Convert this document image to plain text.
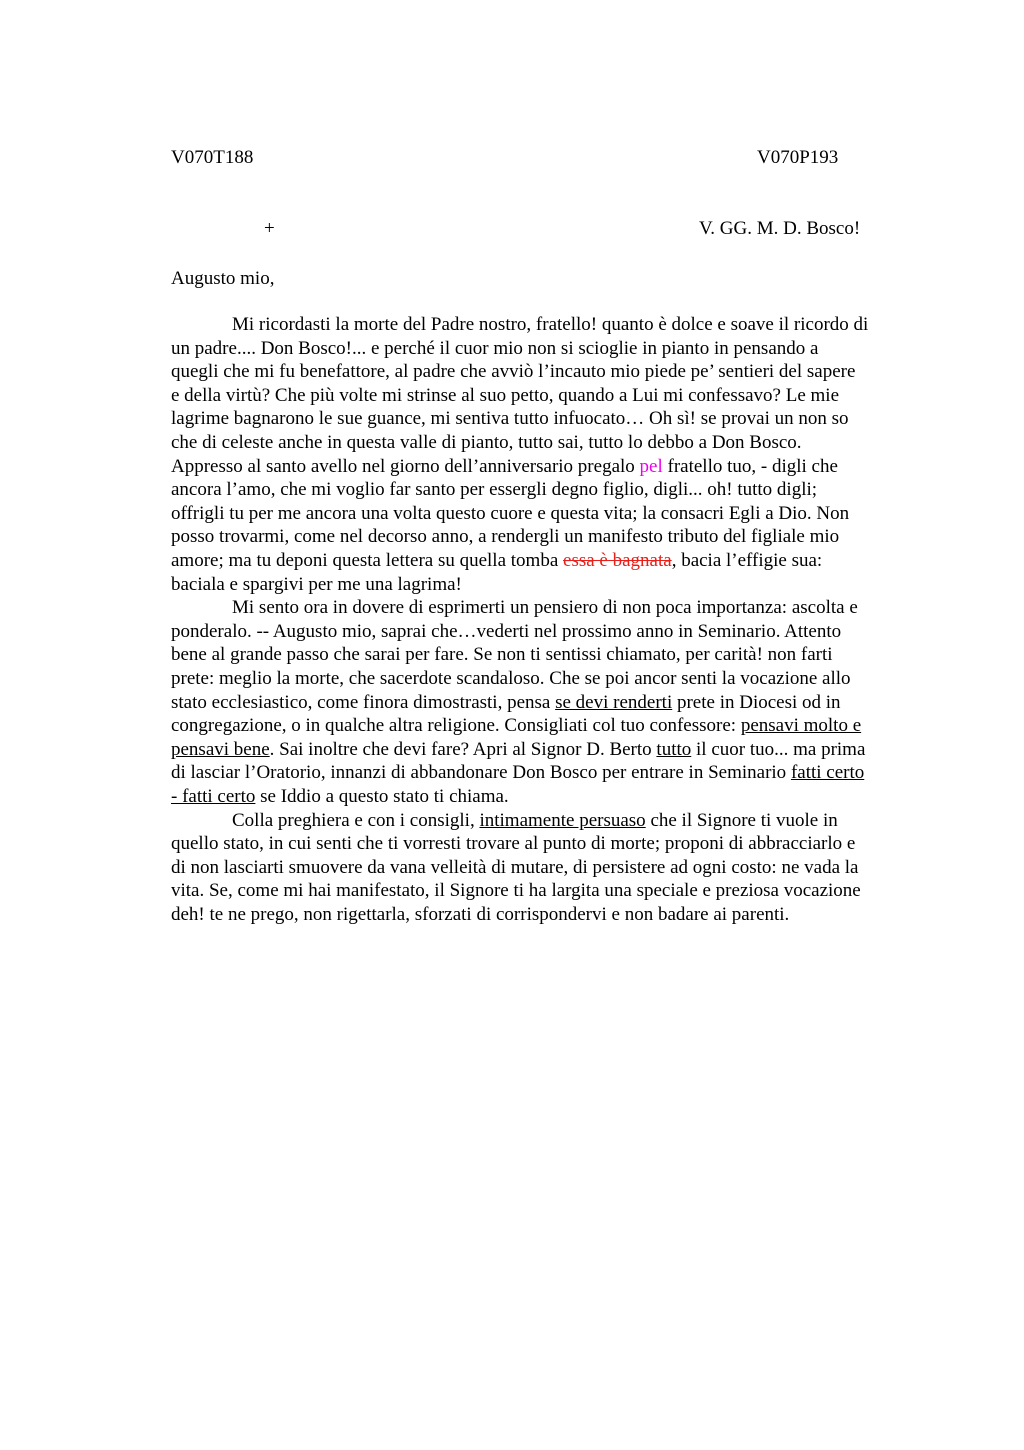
V070T188	V070P193
+	V. GG. M. D. Bosco!
Augusto mio,
Mi ricordasti la morte del Padre nostro, fratello! quanto è dolce e soave il ricordo di
un padre.... Don Bosco!... e perché il cuor mio non si scioglie in pianto in pensando a
quegli che mi fu benefattore, al padre che avviò l’incauto mio piede pe’ sentieri del sapere
e della virtù? Che più volte mi strinse al suo petto, quando a Lui mi confessavo? Le mie
lagrime bagnarono le sue guance, mi sentiva tutto infuocato… Oh sì! se provai un non so
che di celeste anche in questa valle di pianto, tutto sai, tutto lo debbo a Don Bosco.
Appresso al santo avello nel giorno dell’anniversario pregalo pel fratello tuo, - digli che
ancora l’amo, che mi voglio far santo per essergli degno figlio, digli... oh! tutto digli;
offrigli tu per me ancora una volta questo cuore e questa vita; la consacri Egli a Dio. Non
posso trovarmi, come nel decorso anno, a rendergli un manifesto tributo del figliale mio
amore; ma tu deponi questa lettera su quella tomba essa è bagnata, bacia l’effigie sua:
baciala e spargivi per me una lagrima!
Mi sento ora in dovere di esprimerti un pensiero di non poca importanza: ascolta e
ponderalo. -- Augusto mio, saprai che…vederti nel prossimo anno in Seminario. Attento
bene al grande passo che sarai per fare. Se non ti sentissi chiamato, per carità! non farti
prete: meglio la morte, che sacerdote scandaloso. Che se poi ancor senti la vocazione allo
stato ecclesiastico, come finora dimostrasti, pensa se devi renderti prete in Diocesi od in
congregazione, o in qualche altra religione. Consigliati col tuo confessore: pensavi molto e
pensavi bene. Sai inoltre che devi fare? Apri al Signor D. Berto tutto il cuor tuo... ma prima
di lasciar l’Oratorio, innanzi di abbandonare Don Bosco per entrare in Seminario fatti certo
- fatti certo se Iddio a questo stato ti chiama.
Colla preghiera e con i consigli, intimamente persuaso che il Signore ti vuole in
quello stato, in cui senti che ti vorresti trovare al punto di morte; proponi di abbracciarlo e
di non lasciarti smuovere da vana velleità di mutare, di persistere ad ogni costo: ne vada la
vita. Se, come mi hai manifestato, il Signore ti ha largita una speciale e preziosa vocazione
deh! te ne prego, non rigettarla, sforzati di corrispondervi e non badare ai parenti.
